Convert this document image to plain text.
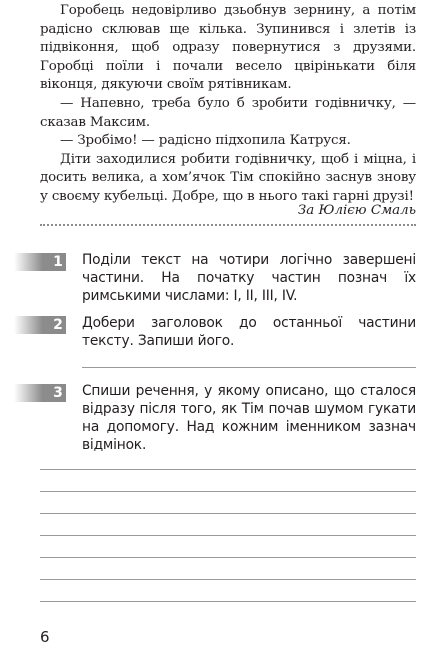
Горобець недовірливо дзьобнув зернину, а потім радісно склював ще кілька. Зупинився і злетів із підвіконня, щоб одразу повернутися з друзями. Горобці поїли і почали весело цвірінькати біля віконця, дякуючи своїм рятівникам.

— Напевно, треба було б зробити годівничку, — сказав Максим.

— Зробімо! — радісно підхопила Катруся.

Діти заходилися робити годівничку, щоб і міцна, і досить велика, а хом’ячок Тім спокійно заснув знову у своєму кубельці. Добре, що в нього такі гарні друзі!

За Юлією Смаль
1 Поділи текст на чотири логічно завершені частини. На початку частин познач їх римськими числами: I, II, III, IV.

2 Добери заголовок до останньої частини тексту. Запиши його.

3 Спиши речення, у якому описано, що сталося відразу після того, як Тім почав шумом гукати на допомогу. Над кожним іменником зазнач відмінок.

6
